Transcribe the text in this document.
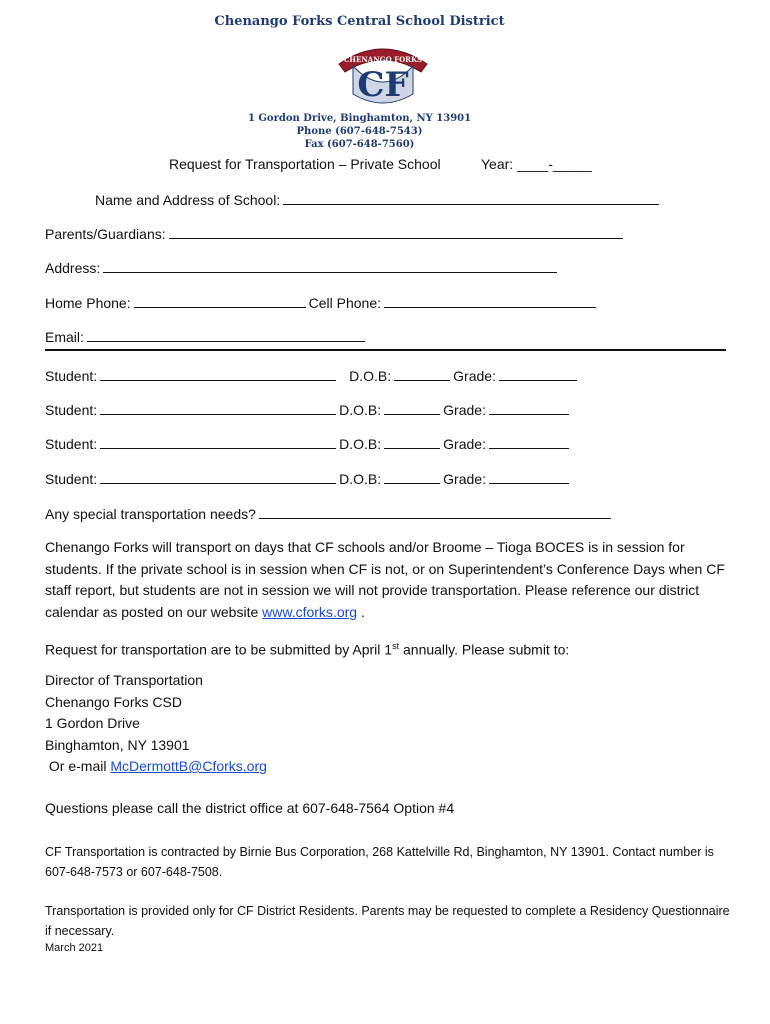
Chenango Forks Central School District
CHENANGO FORKS
CF
1 Gordon Drive, Binghamton, NY 13901
Phone (607-648-7543)
Fax (607-648-7560)
Request for Transportation – Private School	Year: ____-_____
Name and Address of School:
Parents/Guardians:
Address:
Home Phone:	Cell Phone:
Email:
Student:	D.O.B:	Grade:
Student:	D.O.B:	Grade:
Student:	D.O.B:	Grade:
Student:	D.O.B:	Grade:
Any special transportation needs?
Chenango Forks will transport on days that CF schools and/or Broome – Tioga BOCES is in session for students. If the private school is in session when CF is not, or on Superintendent’s Conference Days when CF staff report, but students are not in session we will not provide transportation. Please reference our district calendar as posted on our website www.cforks.org .
Request for transportation are to be submitted by April 1st annually. Please submit to:
Director of Transportation
Chenango Forks CSD
1 Gordon Drive
Binghamton, NY 13901
Or e-mail McDermottB@Cforks.org
Questions please call the district office at 607-648-7564 Option #4
CF Transportation is contracted by Birnie Bus Corporation, 268 Kattelville Rd, Binghamton, NY 13901. Contact number is 607-648-7573 or 607-648-7508.
Transportation is provided only for CF District Residents. Parents may be requested to complete a Residency Questionnaire if necessary.
March 2021
